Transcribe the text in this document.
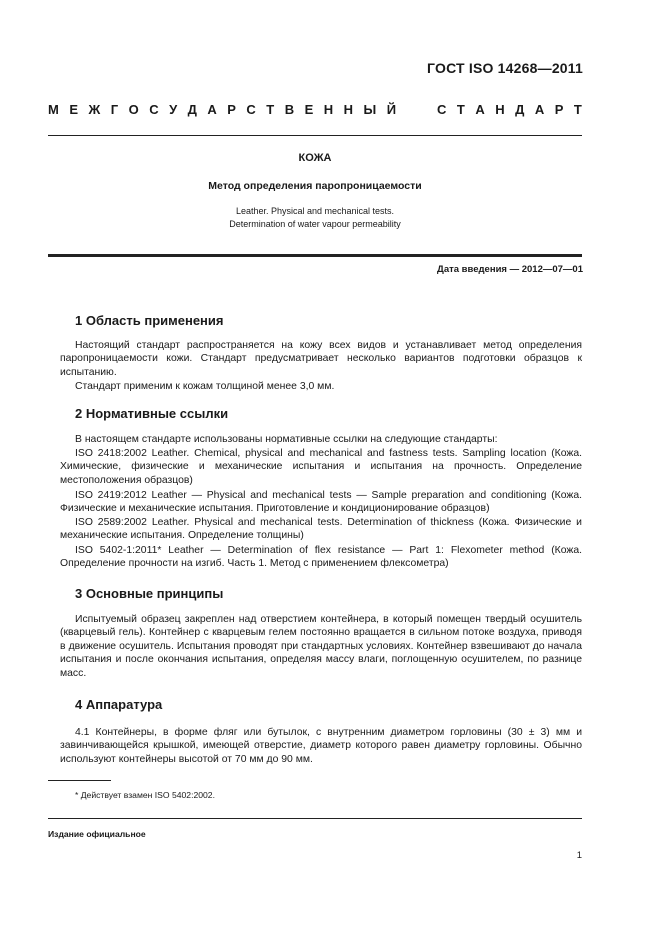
ГОСТ ISO 14268—2011
М Е Ж Г О С У Д А Р С Т В Е Н Н Ы Й	С Т А Н Д А Р Т
КОЖА
Метод определения паропроницаемости
Leather. Physical and mechanical tests.
Determination of water vapour permeability
Дата введения — 2012—07—01
1 Область применения
Настоящий стандарт распространяется на кожу всех видов и устанавливает метод определения паропроницаемости кожи. Стандарт предусматривает несколько вариантов подготовки образцов к испытанию.
Стандарт применим к кожам толщиной менее 3,0 мм.
2 Нормативные ссылки
В настоящем стандарте использованы нормативные ссылки на следующие стандарты:
ISO 2418:2002 Leather. Chemical, physical and mechanical and fastness tests. Sampling location (Кожа. Химические, физические и механические испытания и испытания на прочность. Определение местоположения образцов)
ISO 2419:2012 Leather — Physical and mechanical tests — Sample preparation and conditioning (Кожа. Физические и механические испытания. Приготовление и кондиционирование образцов)
ISO 2589:2002 Leather. Physical and mechanical tests. Determination of thickness (Кожа. Физические и механические испытания. Определение толщины)
ISO 5402-1:2011* Leather — Determination of flex resistance — Part 1: Flexometer method (Кожа. Определение прочности на изгиб. Часть 1. Метод с применением флексометра)
3 Основные принципы
Испытуемый образец закреплен над отверстием контейнера, в который помещен твердый осушитель (кварцевый гель). Контейнер с кварцевым гелем постоянно вращается в сильном потоке воздуха, приводя в движение осушитель. Испытания проводят при стандартных условиях. Контейнер взвешивают до начала испытания и после окончания испытания, определяя массу влаги, поглощенную осушителем, по разнице масс.
4 Аппаратура
4.1 Контейнеры, в форме фляг или бутылок, с внутренним диаметром горловины (30 ± 3) мм и завинчивающейся крышкой, имеющей отверстие, диаметр которого равен диаметру горловины. Обычно используют контейнеры высотой от 70 мм до 90 мм.
* Действует взамен ISO 5402:2002.
Издание официальное
1
